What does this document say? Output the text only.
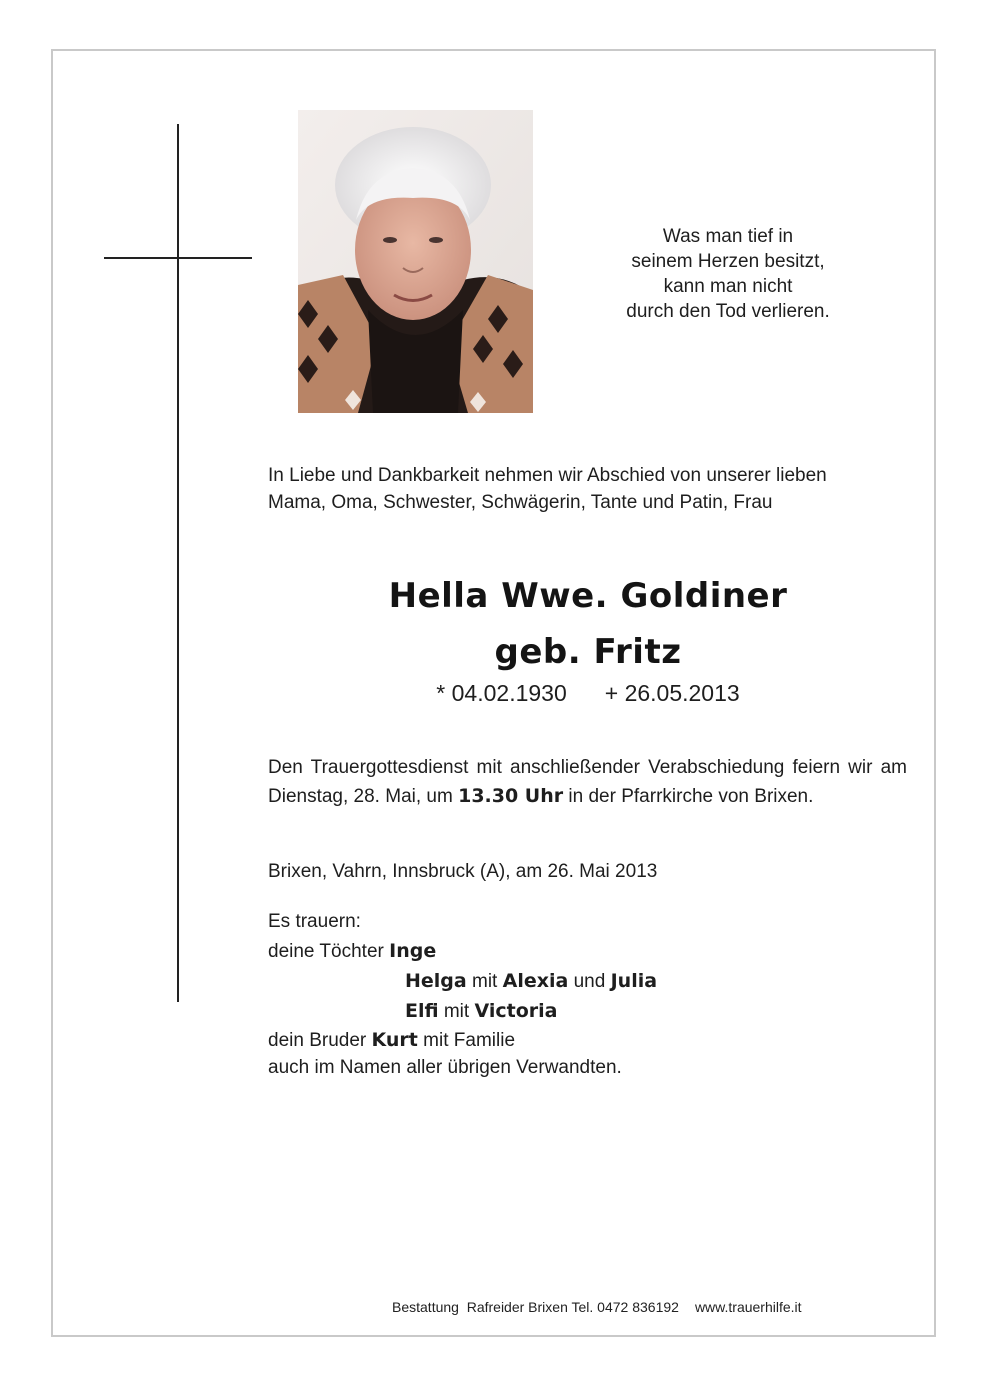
Was man tief in
seinem Herzen besitzt,
kann man nicht
durch den Tod verlieren.
In Liebe und Dankbarkeit nehmen wir Abschied von unserer lieben
Mama, Oma, Schwester, Schwägerin, Tante und Patin, Frau
Hella Wwe. Goldiner
geb. Fritz
* 04.02.1930 + 26.05.2013
Den Trauergottesdienst mit anschließender Verabschiedung feiern wir am Dienstag, 28. Mai, um 13.30 Uhr in der Pfarrkirche von Brixen.
Brixen, Vahrn, Innsbruck (A), am 26. Mai 2013
Es trauern:
deine Töchter Inge
Helga mit Alexia und Julia
Elfi mit Victoria
dein Bruder Kurt mit Familie
auch im Namen aller übrigen Verwandten.
Bestattung  Rafreider Brixen Tel. 0472 836192 www.trauerhilfe.it
